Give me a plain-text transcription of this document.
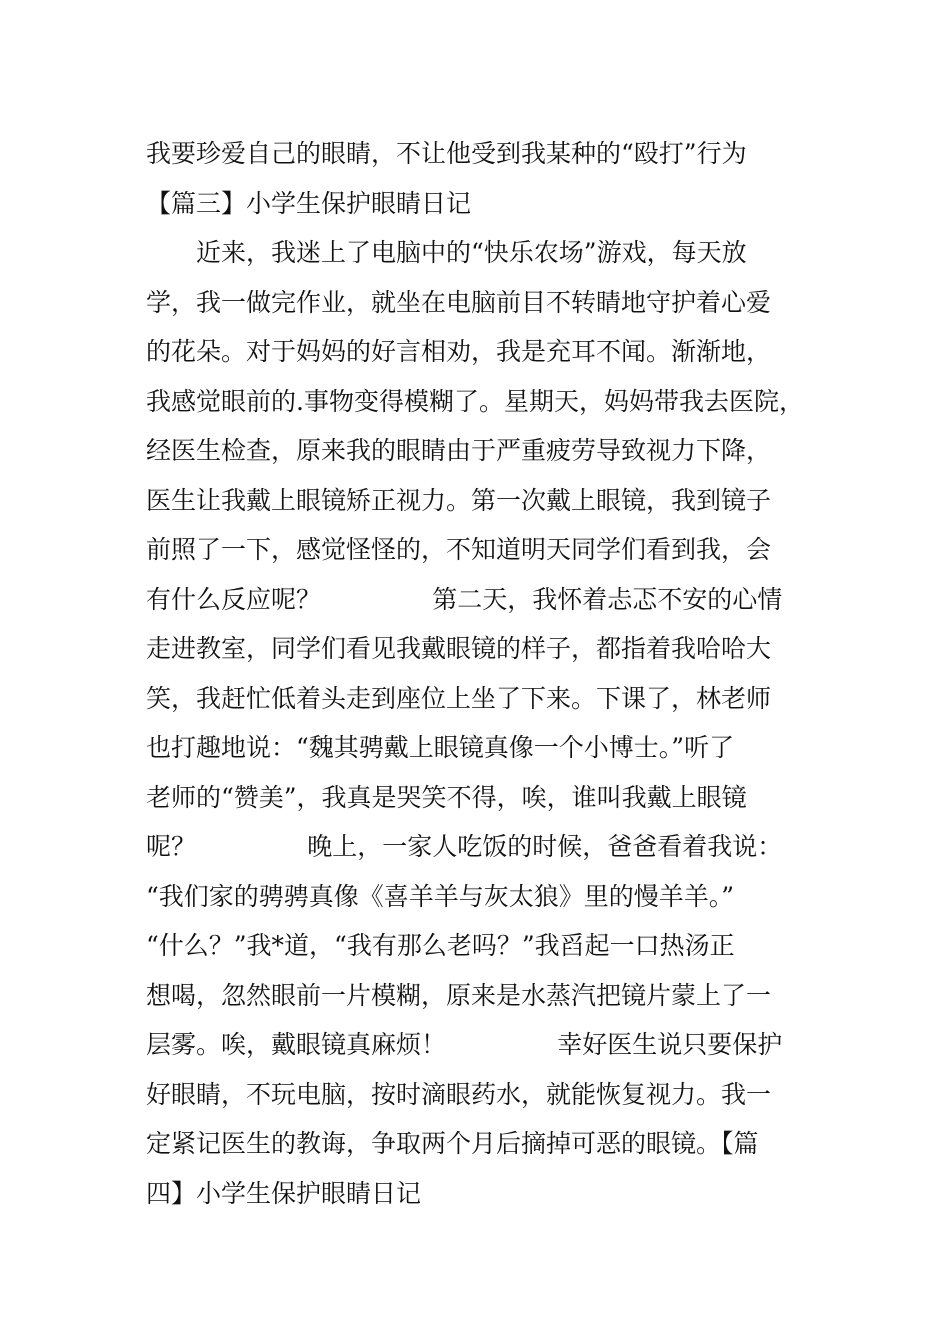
我要珍爱自己的眼睛，不让他受到我某种的“殴打”行为
【篇三】小学生保护眼睛日记
近来，我迷上了电脑中的“快乐农场”游戏，每天放
学，我一做完作业，就坐在电脑前目不转睛地守护着心爱
的花朵。对于妈妈的好言相劝，我是充耳不闻。渐渐地，
我感觉眼前的.事物变得模糊了。星期天，妈妈带我去医院，
经医生检查，原来我的眼睛由于严重疲劳导致视力下降，
医生让我戴上眼镜矫正视力。第一次戴上眼镜，我到镜子
前照了一下，感觉怪怪的，不知道明天同学们看到我，会
有什么反应呢？              第二天，我怀着忐忑不安的心情
走进教室，同学们看见我戴眼镜的样子，都指着我哈哈大
笑，我赶忙低着头走到座位上坐了下来。下课了，林老师
也打趣地说：“魏其骋戴上眼镜真像一个小博士。”听了
老师的“赞美”，我真是哭笑不得，唉，谁叫我戴上眼镜
呢？              晚上，一家人吃饭的时候，爸爸看着我说：
“我们家的骋骋真像《喜羊羊与灰太狼》里的慢羊羊。”
“什么？”我*道，“我有那么老吗？”我舀起一口热汤正
想喝，忽然眼前一片模糊，原来是水蒸汽把镜片蒙上了一
层雾。唉，戴眼镜真麻烦！              幸好医生说只要保护
好眼睛，不玩电脑，按时滴眼药水，就能恢复视力。我一
定紧记医生的教诲，争取两个月后摘掉可恶的眼镜。【篇
四】小学生保护眼睛日记
